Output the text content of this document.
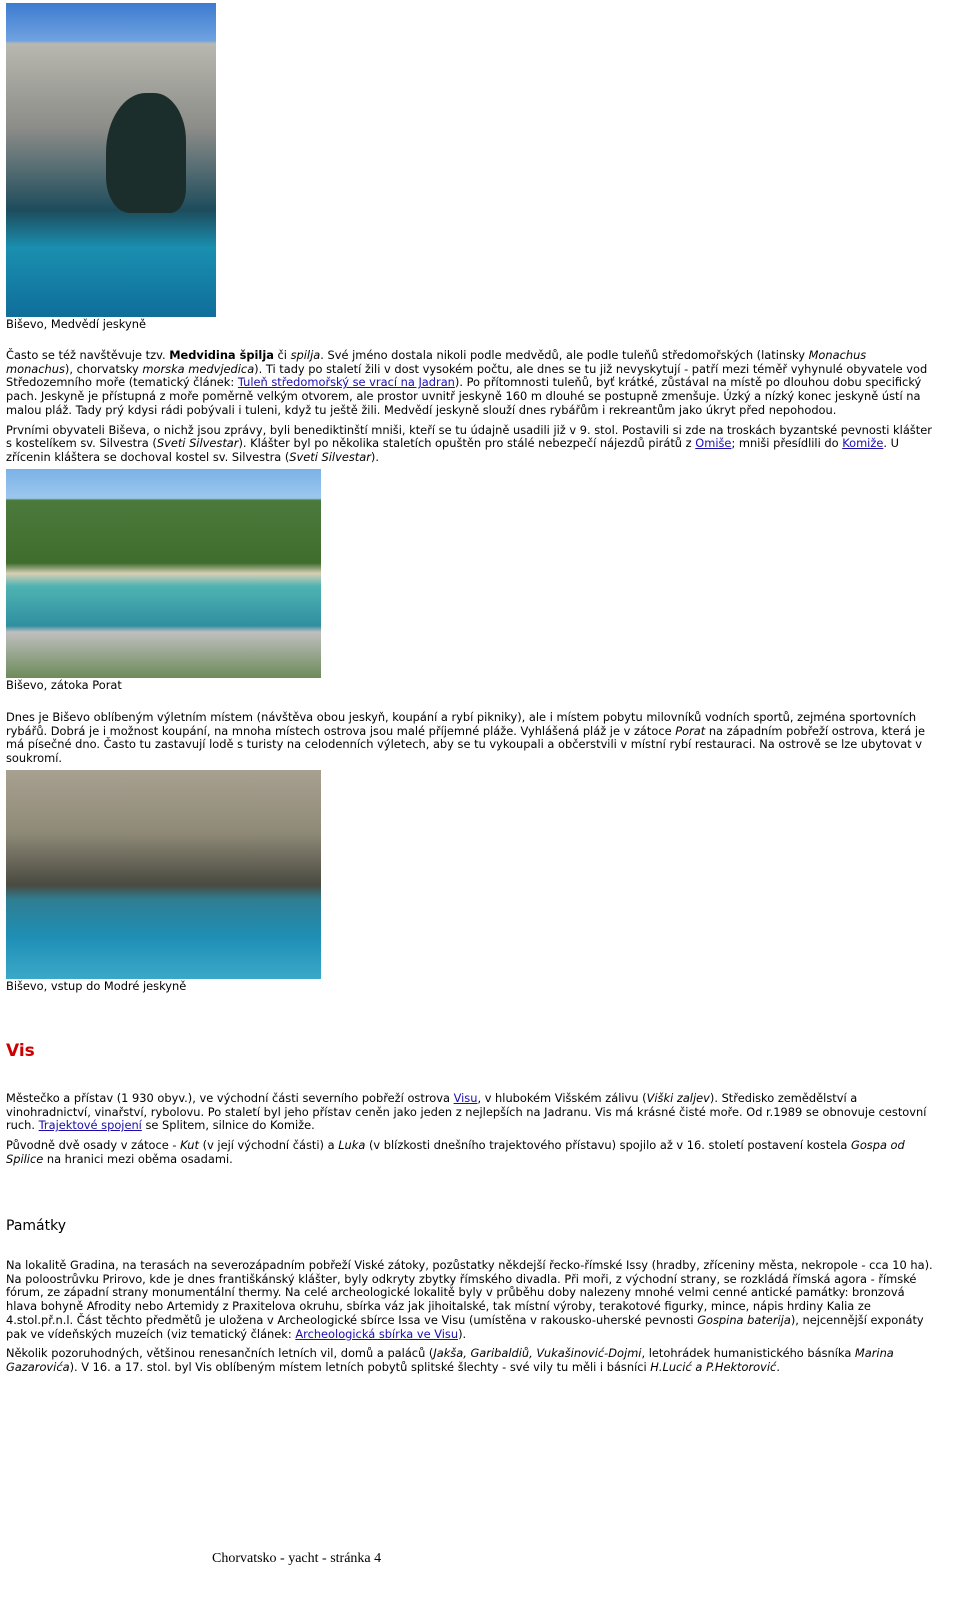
Biševo, Medvědí jeskyně

Často se též navštěvuje tzv. Medvidina špilja či spilja. Své jméno dostala nikoli podle medvědů, ale podle tuleňů středomořských (latinsky Monachus monachus), chorvatsky morska medvjedica). Ti tady po staletí žili v dost vysokém počtu, ale dnes se tu již nevyskytují - patří mezi téměř vyhynulé obyvatele vod Středozemního moře (tematický článek: Tuleň středomořský se vrací na Jadran). Po přítomnosti tuleňů, byť krátké, zůstával na místě po dlouhou dobu specifický pach. Jeskyně je přístupná z moře poměrně velkým otvorem, ale prostor uvnitř jeskyně 160 m dlouhé se postupně zmenšuje. Úzký a nízký konec jeskyně ústí na malou pláž. Tady prý kdysi rádi pobývali i tuleni, když tu ještě žili. Medvědí jeskyně slouží dnes rybářům i rekreantům jako úkryt před nepohodou.

Prvními obyvateli Biševa, o nichž jsou zprávy, byli benediktinští mniši, kteří se tu údajně usadili již v 9. stol. Postavili si zde na troskách byzantské pevnosti klášter s kostelíkem sv. Silvestra (Sveti Silvestar). Klášter byl po několika staletích opuštěn pro stálé nebezpečí nájezdů pirátů z Omiše; mniši přesídlili do Komiže. U zřícenin kláštera se dochoval kostel sv. Silvestra (Sveti Silvestar).

Biševo, zátoka Porat

Dnes je Biševo oblíbeným výletním místem (návštěva obou jeskyň, koupání a rybí pikniky), ale i místem pobytu milovníků vodních sportů, zejména sportovních rybářů. Dobrá je i možnost koupání, na mnoha místech ostrova jsou malé příjemné pláže. Vyhlášená pláž je v zátoce Porat na západním pobřeží ostrova, která je má písečné dno. Často tu zastavují lodě s turisty na celodenních výletech, aby se tu vykoupali a občerstvili v místní rybí restauraci. Na ostrově se lze ubytovat v soukromí.

Biševo, vstup do Modré jeskyně
Vis

Městečko a přístav (1 930 obyv.), ve východní části severního pobřeží ostrova Visu, v hlubokém Višském zálivu (Viški zaljev). Středisko zemědělství a vinohradnictví, vinařství, rybolovu. Po staletí byl jeho přístav ceněn jako jeden z nejlepších na Jadranu. Vis má krásné čisté moře. Od r.1989 se obnovuje cestovní ruch. Trajektové spojení se Splitem, silnice do Komiže.

Původně dvě osady v zátoce - Kut (v její východní části) a Luka (v blízkosti dnešního trajektového přístavu) spojilo až v 16. století postavení kostela Gospa od Spilice na hranici mezi oběma osadami.

Památky

Na lokalitě Gradina, na terasách na severozápadním pobřeží Viské zátoky, pozůstatky někdejší řecko-římské Issy (hradby, zříceniny města, nekropole - cca 10 ha). Na poloostrůvku Prirovo, kde je dnes františkánský klášter, byly odkryty zbytky římského divadla. Při moři, z východní strany, se rozkládá římská agora - římské fórum, ze západní strany monumentální thermy. Na celé archeologické lokalitě byly v průběhu doby nalezeny mnohé velmi cenné antické památky: bronzová hlava bohyně Afrodity nebo Artemidy z Praxitelova okruhu, sbírka váz jak jihoitalské, tak místní výroby, terakotové figurky, mince, nápis hrdiny Kalia ze 4.stol.př.n.l. Část těchto předmětů je uložena v Archeologické sbírce Issa ve Visu (umístěna v rakousko-uherské pevnosti Gospina baterija), nejcennější exponáty pak ve vídeňských muzeích (viz tematický článek: Archeologická sbírka ve Visu).

Několik pozoruhodných, většinou renesančních letních vil, domů a paláců (Jakša, Garibaldiů, Vukašinović-Dojmi, letohrádek humanistického básníka Marina Gazarovića). V 16. a 17. stol. byl Vis oblíbeným místem letních pobytů splitské šlechty - své vily tu měli i básníci H.Lucić a P.Hektorović.

Chorvatsko - yacht - stránka 4
